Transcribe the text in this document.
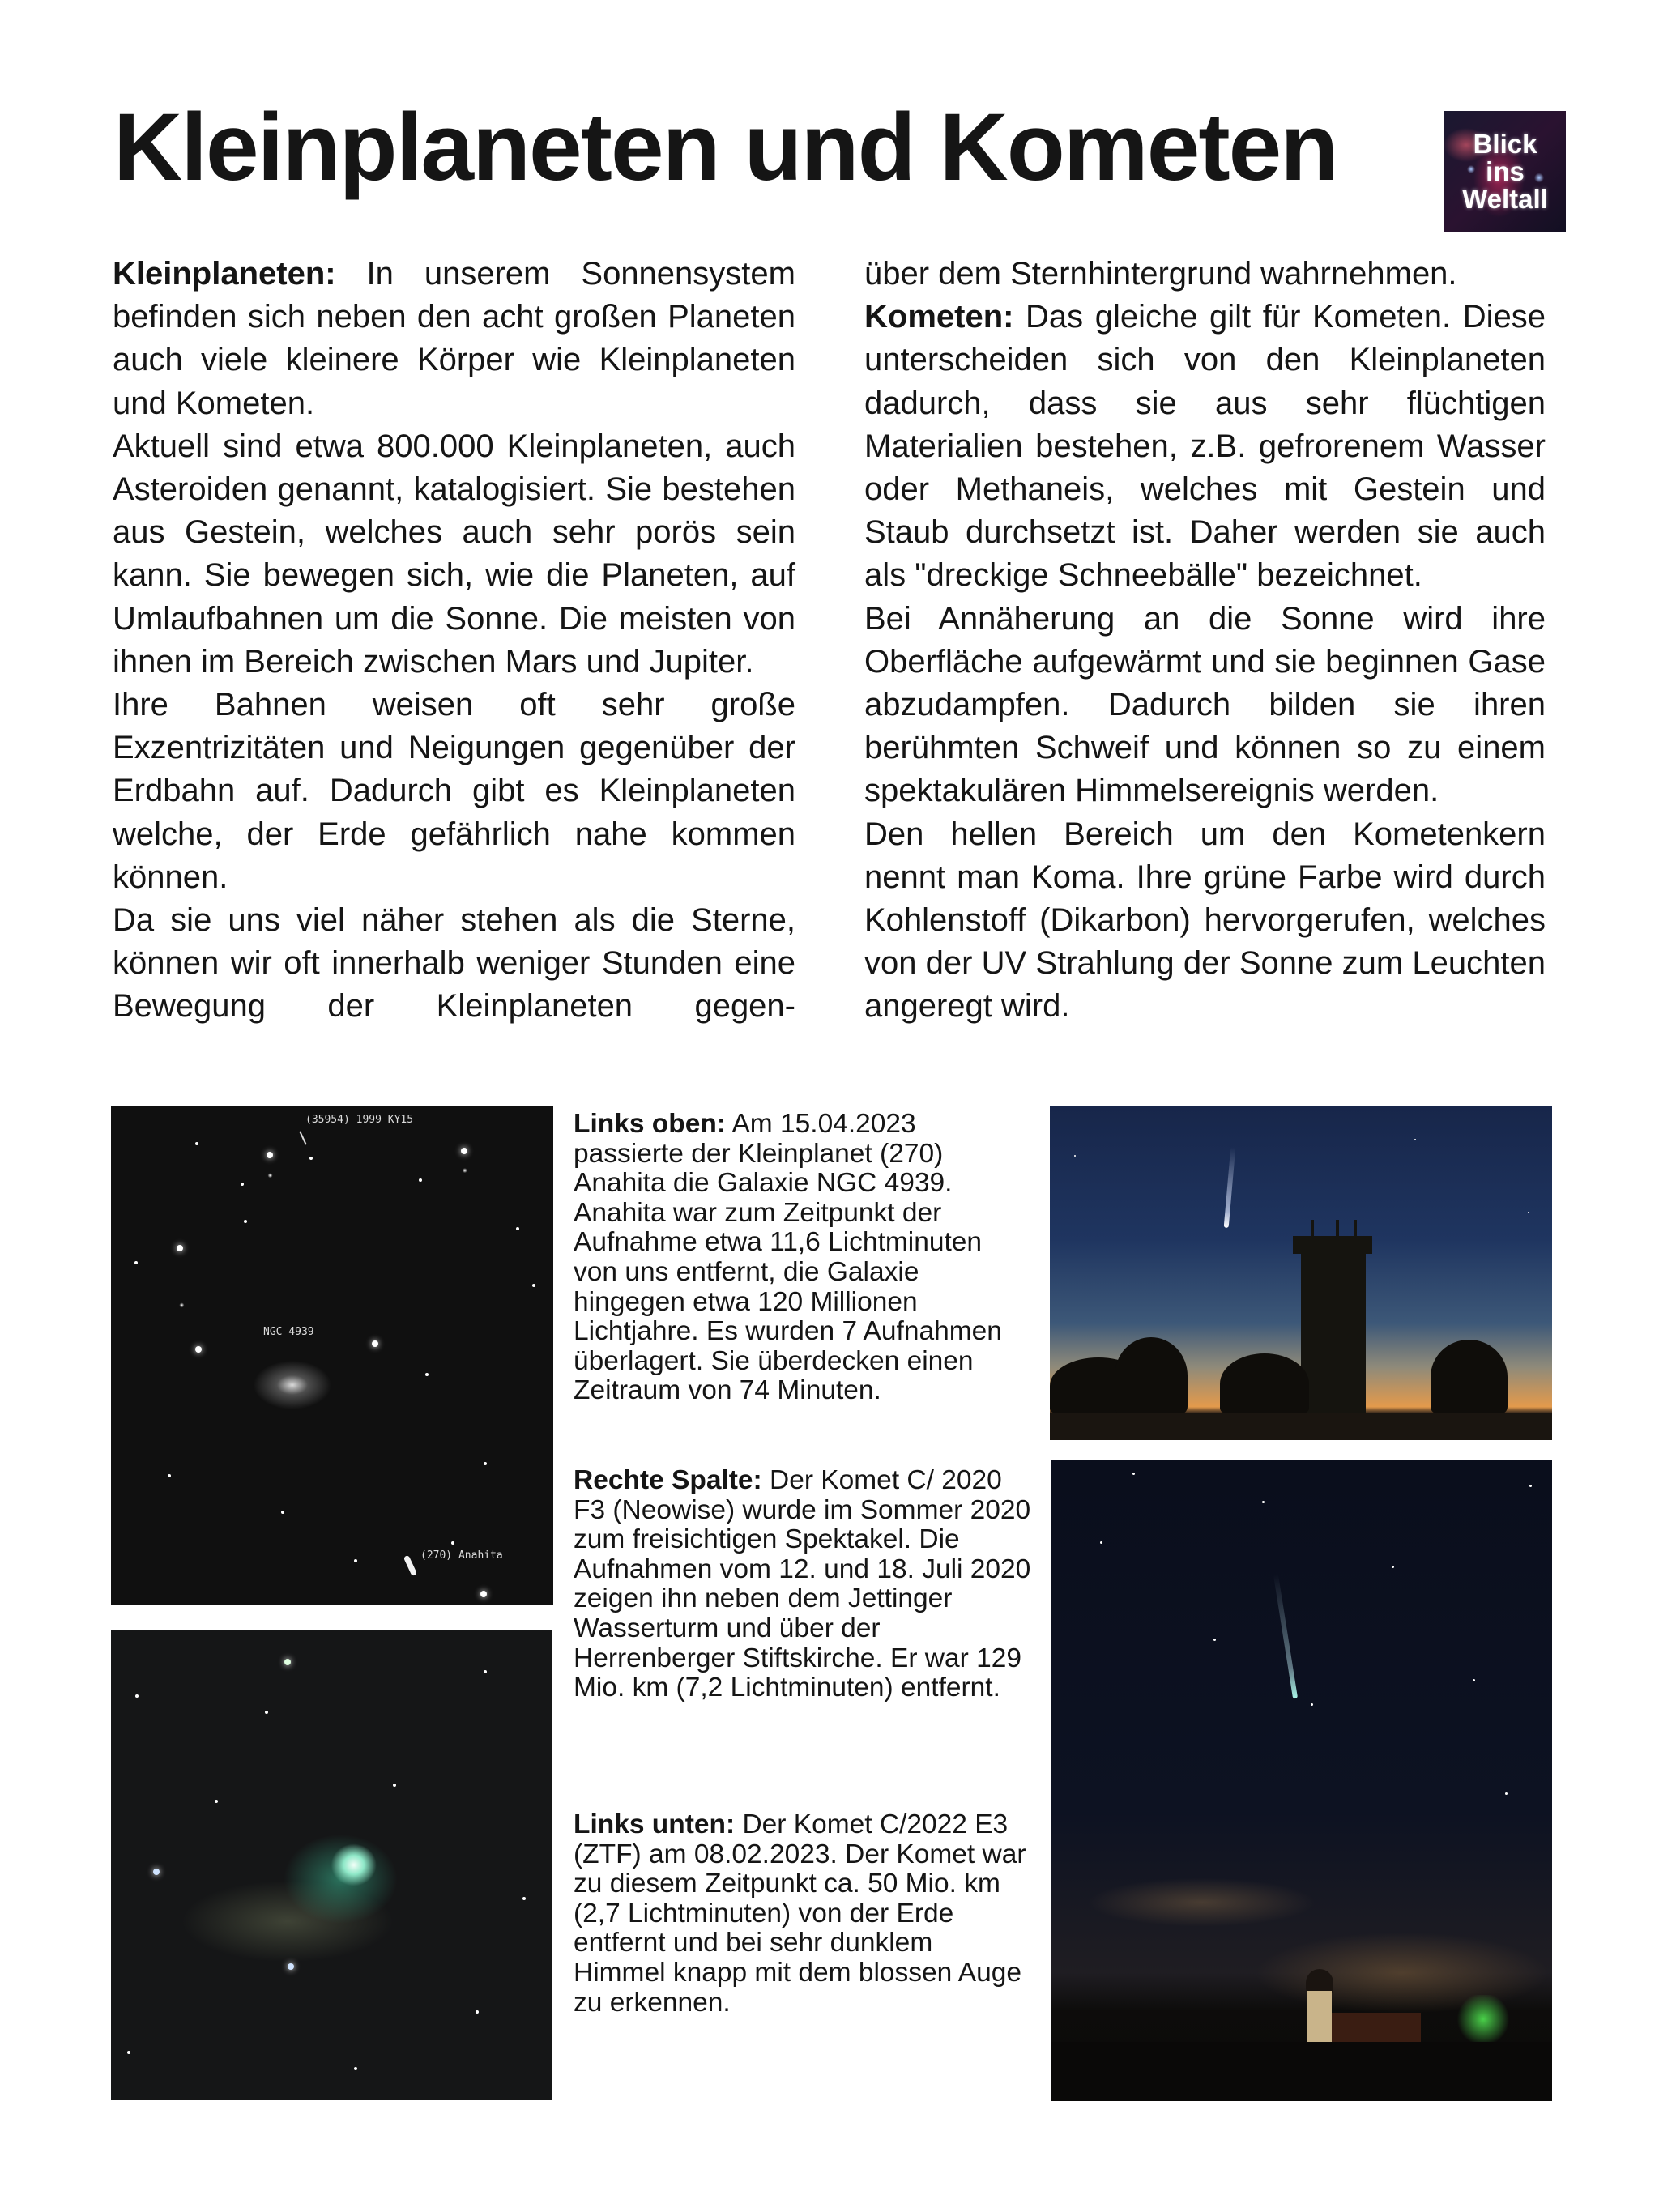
Kleinplaneten und Kometen	Blick
ins
Weltall

Kleinplaneten: In unserem Sonnensystem befinden sich neben den acht großen Planeten auch viele kleinere Körper wie Kleinplaneten und Kometen.

Aktuell sind etwa 800.000 Kleinplaneten, auch Asteroiden genannt, katalogisiert. Sie bestehen aus Gestein, welches auch sehr porös sein kann. Sie bewegen sich, wie die Planeten, auf Umlaufbahnen um die Sonne. Die meisten von ihnen im Bereich zwischen Mars und Jupiter.

Ihre Bahnen weisen oft sehr große Exzentrizitäten und Neigungen gegenüber der Erdbahn auf. Dadurch gibt es Kleinplaneten welche, der Erde gefährlich nahe kommen können.

Da sie uns viel näher stehen als die Sterne, können wir oft innerhalb weniger Stunden eine Bewegung der Kleinplaneten gegen-

über dem Sternhintergrund wahrnehmen.

Kometen: Das gleiche gilt für Kometen. Diese unterscheiden sich von den Kleinplaneten dadurch, dass sie aus sehr flüchtigen Materialien bestehen, z.B. gefrorenem Wasser oder Methaneis, welches mit Gestein und Staub durchsetzt ist. Daher werden sie auch als "dreckige Schneebälle" bezeichnet.

Bei Annäherung an die Sonne wird ihre Oberfläche aufgewärmt und sie beginnen Gase abzudampfen. Dadurch bilden sie ihren berühmten Schweif und können so zu einem spektakulären Himmelsereignis werden.

Den hellen Bereich um den Kometenkern nennt man Koma. Ihre grüne Farbe wird durch Kohlenstoff (Dikarbon) hervorgerufen, welches von der UV Strahlung der Sonne zum Leuchten angeregt wird.

(35954) 1999 KY15
NGC 4939
(270) Anahita

Links oben: Am 15.04.2023 passierte der Kleinplanet (270) Anahita die Galaxie NGC 4939. Anahita war zum Zeitpunkt der Aufnahme etwa 11,6 Lichtminuten von uns entfernt, die Galaxie hingegen etwa 120 Millionen Lichtjahre. Es wurden 7 Aufnahmen überlagert. Sie überdecken einen Zeitraum von 74 Minuten.

Rechte Spalte: Der Komet C/ 2020 F3 (Neowise) wurde im Sommer 2020 zum freisichtigen Spektakel. Die Aufnahmen vom 12. und 18. Juli 2020 zeigen ihn neben dem Jettinger Wasserturm und über der Herrenberger Stiftskirche. Er war 129 Mio. km (7,2 Lichtminuten) entfernt.

Links unten: Der Komet C/2022 E3 (ZTF) am 08.02.2023. Der Komet war zu diesem Zeitpunkt ca. 50 Mio. km (2,7 Lichtminuten) von der Erde entfernt und bei sehr dunklem Himmel knapp mit dem blossen Auge zu erkennen.
